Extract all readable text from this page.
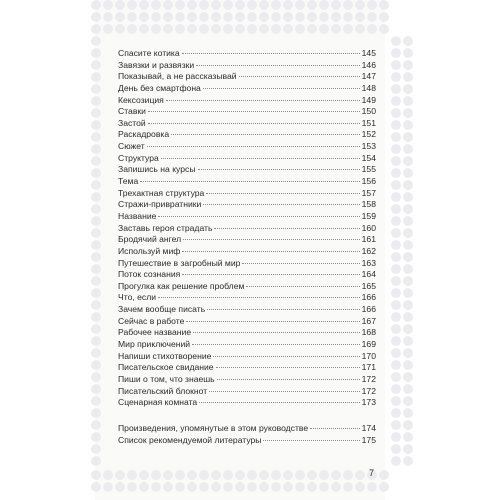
Спасите котика	145
Завязки и развязки	146
Показывай, а не рассказывай	147
День без смартфона	148
Кексозиция	149
Ставки	150
Застой	151
Раскадровка	152
Сюжет	153
Структура	154
Запишись на курсы	155
Тема	156
Трехактная структура	157
Стражи-привратники	158
Название	159
Заставь героя страдать	160
Бродячий ангел	161
Используй миф	162
Путешествие в загробный мир	163
Поток сознания	164
Прогулка как решение проблем	165
Что, если	166
Зачем вообще писать	166
Сейчас в работе	167
Рабочее название	168
Мир приключений	169
Напиши стихотворение	170
Писательское свидание	171
Пиши о том, что знаешь	172
Писательский блокнот	172
Сценарная комната	173
Произведения, упомянутые в этом руководстве	174
Список рекомендуемой литературы	175
7
